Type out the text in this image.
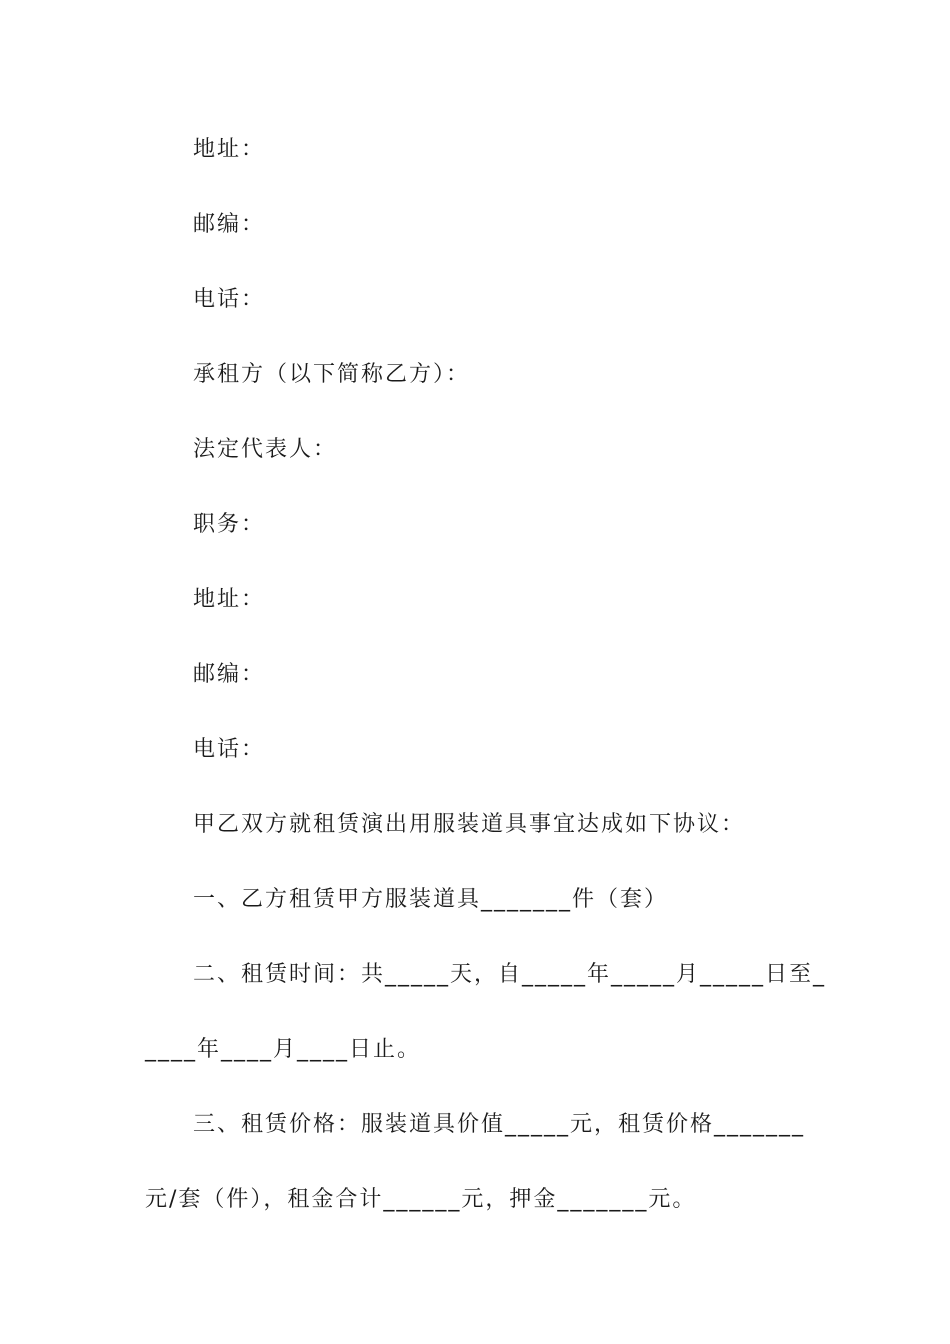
地址：
邮编：
电话：
承租方（以下简称乙方）：
法定代表人：
职务：
地址：
邮编：
电话：
甲乙双方就租赁演出用服装道具事宜达成如下协议：
一、乙方租赁甲方服装道具_______件（套）
二、租赁时间：共_____天，自_____年_____月_____日至_
____年____月____日止。
三、租赁价格：服装道具价值_____元，租赁价格_______
元/套（件），租金合计______元，押金_______元。
